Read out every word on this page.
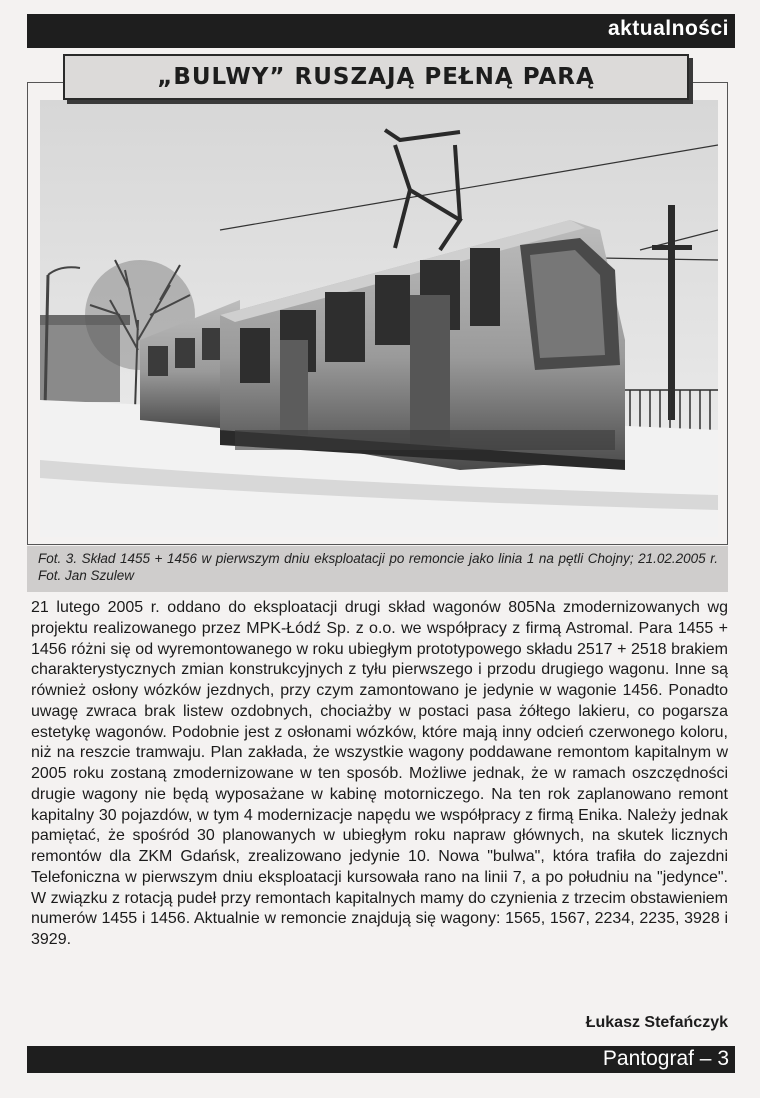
aktualności
„BULWY” RUSZAJĄ PEŁNĄ PARĄ
Fot. 3. Skład 1455 + 1456 w pierwszym dniu eksploatacji po remoncie jako linia 1 na pętli Chojny; 21.02.2005 r. Fot. Jan Szulew

21 lutego 2005 r. oddano do eksploatacji drugi skład wagonów 805Na zmodernizowanych wg projektu realizowanego przez MPK-Łódź Sp. z o.o. we współpracy z firmą Astromal. Para 1455 + 1456 różni się od wyremontowanego w roku ubiegłym prototypowego składu 2517 + 2518 brakiem charakterystycznych zmian konstrukcyjnych z tyłu pierwszego i przodu drugiego wagonu. Inne są również osłony wózków jezdnych, przy czym zamontowano je jedynie w wagonie 1456. Ponadto uwagę zwraca brak listew ozdobnych, chociażby w postaci pasa żółtego lakieru, co pogarsza estetykę wagonów. Podobnie jest z osłonami wózków, które mają inny odcień czerwonego koloru, niż na reszcie tramwaju. Plan zakłada, że wszystkie wagony poddawane remontom kapitalnym w 2005 roku zostaną zmodernizowane w ten sposób. Możliwe jednak, że w ramach oszczędności drugie wagony nie będą wyposażane w kabinę motorniczego. Na ten rok zaplanowano remont kapitalny 30 pojazdów, w tym 4 modernizacje napędu we współpracy z firmą Enika. Należy jednak pamiętać, że spośród 30 planowanych w ubiegłym roku napraw głównych, na skutek licznych remontów dla ZKM Gdańsk, zrealizowano jedynie 10. Nowa "bulwa", która trafiła do zajezdni Telefoniczna w pierwszym dniu eksploatacji kursowała rano na linii 7, a po południu na "jedynce". W związku z rotacją pudeł przy remontach kapitalnych mamy do czynienia z trzecim obstawieniem numerów 1455 i 1456. Aktualnie w remoncie znajdują się wagony: 1565, 1567, 2234, 2235, 3928 i 3929.

Łukasz Stefańczyk
Pantograf – 3
